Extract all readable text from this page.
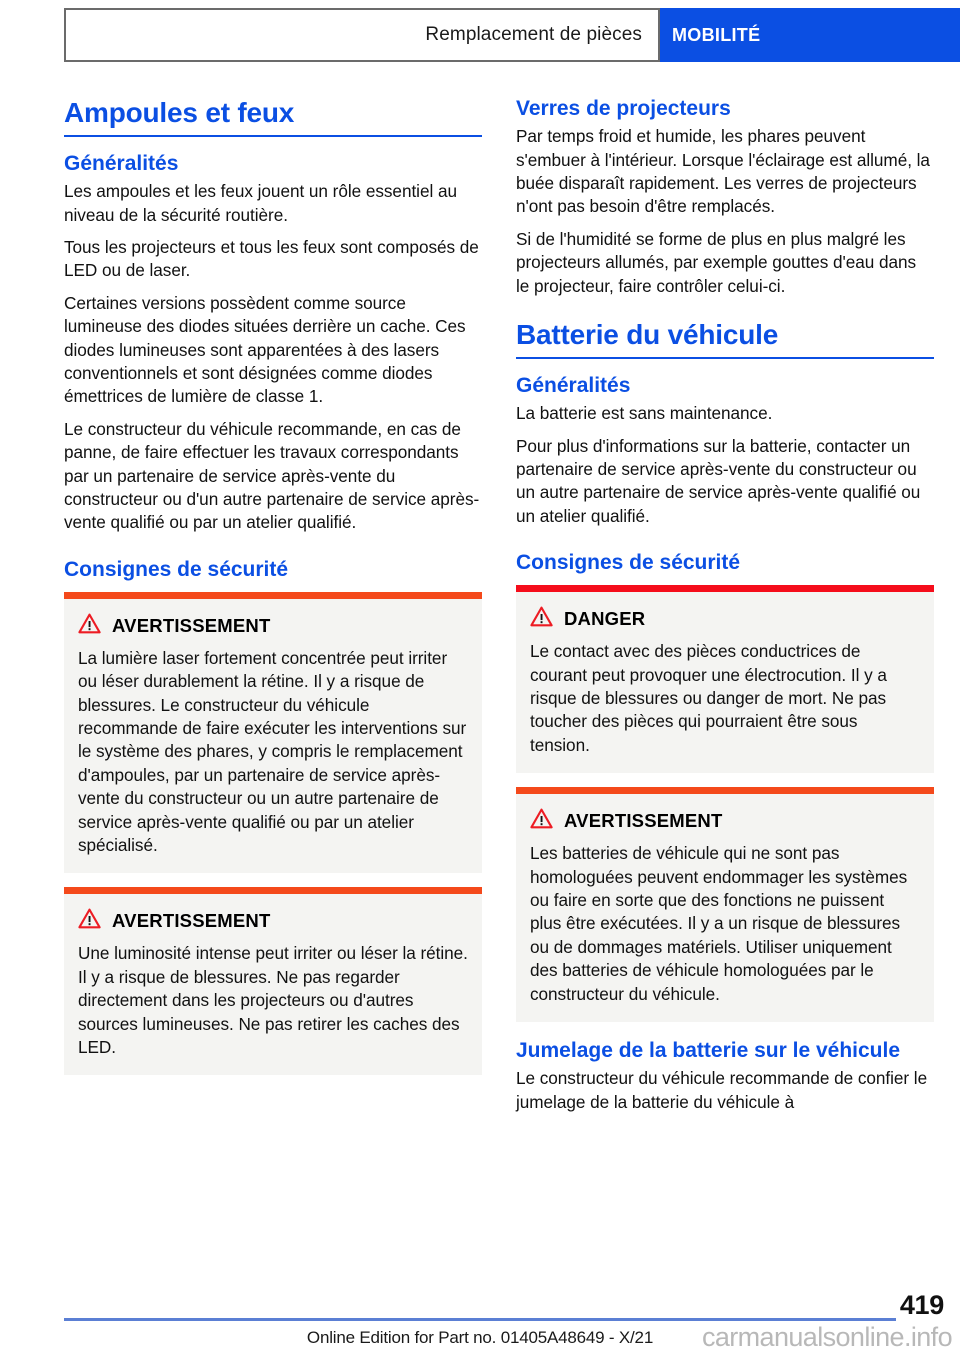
Remplacement de pièces MOBILITÉ
Ampoules et feux
Généralités

Les ampoules et les feux jouent un rôle essentiel au niveau de la sécurité routière.

Tous les projecteurs et tous les feux sont composés de LED ou de laser.

Certaines versions possèdent comme source lumineuse des diodes situées derrière un cache. Ces diodes lumineuses sont apparentées à des lasers conventionnels et sont désignées comme diodes émettrices de lumière de classe 1.

Le constructeur du véhicule recommande, en cas de panne, de faire effectuer les travaux correspondants par un partenaire de service après-vente du constructeur ou d'un autre partenaire de service après-vente qualifié ou par un atelier qualifié.

Consignes de sécurité
AVERTISSEMENT

La lumière laser fortement concentrée peut irriter ou léser durablement la rétine. Il y a risque de blessures. Le constructeur du véhicule recommande de faire exécuter les interventions sur le système des phares, y compris le remplacement d'ampoules, par un partenaire de service après-vente du constructeur ou un autre partenaire de service après-vente qualifié ou par un atelier spécialisé.

AVERTISSEMENT

Une luminosité intense peut irriter ou léser la rétine. Il y a risque de blessures. Ne pas regarder directement dans les projecteurs ou d'autres sources lumineuses. Ne pas retirer les caches des LED.

Verres de projecteurs

Par temps froid et humide, les phares peuvent s'embuer à l'intérieur. Lorsque l'éclairage est allumé, la buée disparaît rapidement. Les verres de projecteurs n'ont pas besoin d'être remplacés.

Si de l'humidité se forme de plus en plus malgré les projecteurs allumés, par exemple gouttes d'eau dans le projecteur, faire contrôler celui-ci.

Batterie du véhicule
Généralités

La batterie est sans maintenance.

Pour plus d'informations sur la batterie, contacter un partenaire de service après-vente du constructeur ou un autre partenaire de service après-vente qualifié ou un atelier qualifié.

Consignes de sécurité
DANGER

Le contact avec des pièces conductrices de courant peut provoquer une électrocution. Il y a risque de blessures ou danger de mort. Ne pas toucher des pièces qui pourraient être sous tension.

AVERTISSEMENT

Les batteries de véhicule qui ne sont pas homologuées peuvent endommager les systèmes ou faire en sorte que des fonctions ne puissent plus être exécutées. Il y a un risque de blessures ou de dommages matériels. Utiliser uniquement des batteries de véhicule homologuées par le constructeur du véhicule.

Jumelage de la batterie sur le véhicule

Le constructeur du véhicule recommande de confier le jumelage de la batterie du véhicule à

419
Online Edition for Part no. 01405A48649 - X/21	carmanualsonline.info
